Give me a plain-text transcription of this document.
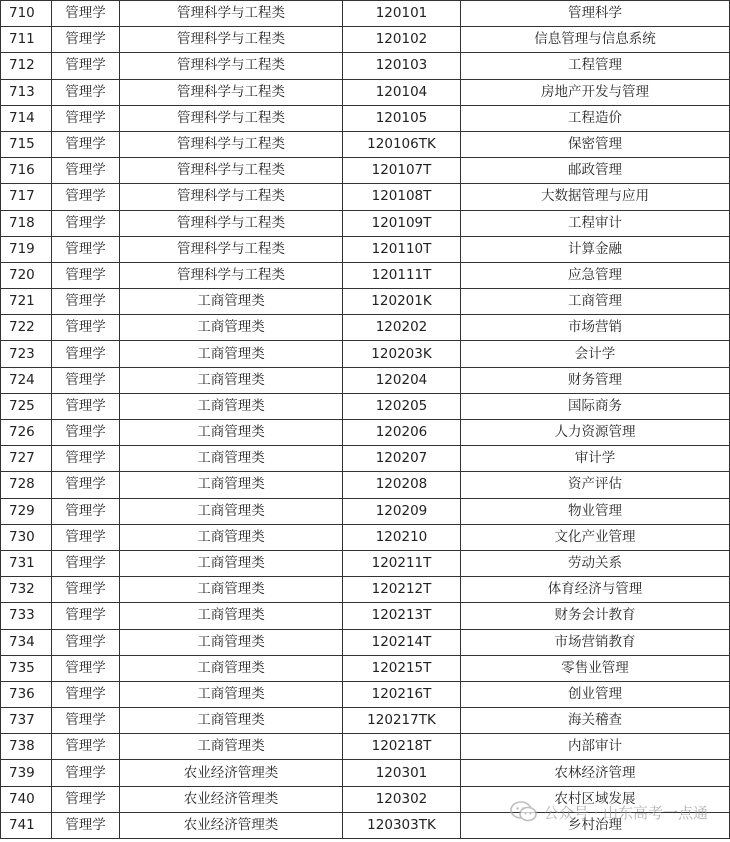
710	管理学	管理科学与工程类	120101	管理科学
711	管理学	管理科学与工程类	120102	信息管理与信息系统
712	管理学	管理科学与工程类	120103	工程管理
713	管理学	管理科学与工程类	120104	房地产开发与管理
714	管理学	管理科学与工程类	120105	工程造价
715	管理学	管理科学与工程类	120106TK	保密管理
716	管理学	管理科学与工程类	120107T	邮政管理
717	管理学	管理科学与工程类	120108T	大数据管理与应用
718	管理学	管理科学与工程类	120109T	工程审计
719	管理学	管理科学与工程类	120110T	计算金融
720	管理学	管理科学与工程类	120111T	应急管理
721	管理学	工商管理类	120201K	工商管理
722	管理学	工商管理类	120202	市场营销
723	管理学	工商管理类	120203K	会计学
724	管理学	工商管理类	120204	财务管理
725	管理学	工商管理类	120205	国际商务
726	管理学	工商管理类	120206	人力资源管理
727	管理学	工商管理类	120207	审计学
728	管理学	工商管理类	120208	资产评估
729	管理学	工商管理类	120209	物业管理
730	管理学	工商管理类	120210	文化产业管理
731	管理学	工商管理类	120211T	劳动关系
732	管理学	工商管理类	120212T	体育经济与管理
733	管理学	工商管理类	120213T	财务会计教育
734	管理学	工商管理类	120214T	市场营销教育
735	管理学	工商管理类	120215T	零售业管理
736	管理学	工商管理类	120216T	创业管理
737	管理学	工商管理类	120217TK	海关稽查
738	管理学	工商管理类	120218T	内部审计
739	管理学	农业经济管理类	120301	农林经济管理
740	管理学	农业经济管理类	120302	农村区域发展
741	管理学	农业经济管理类	120303TK	乡村治理
公众号 · 山东高考一点通
